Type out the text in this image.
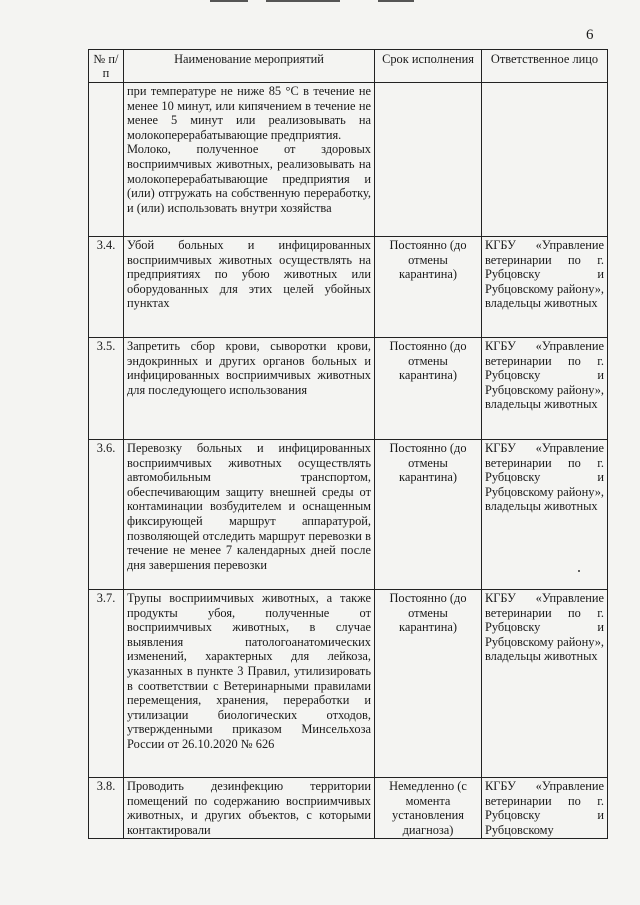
6
№ п/п	Наименование мероприятий	Срок исполнения	Ответственное лицо

	при температуре не ниже 85 °С в течение не менее 10 минут, или кипячением в течение не менее 5 минут или реализовывать на молокоперерабатывающие предприятия.
Молоко, полученное от здоровых восприимчивых животных, реализовывать на молокоперерабатывающие предприятия и (или) отгружать на собственную переработку, и (или) использовать внутри хозяйства		

3.4.	Убой больных и инфицированных восприимчивых животных осуществлять на предприятиях по убою животных или оборудованных для этих целей убойных пунктах	Постоянно (до отмены карантина)	КГБУ «Управление ветеринарии по г. Рубцовску и Рубцовскому району», владельцы животных
3.5.	Запретить сбор крови, сыворотки крови, эндокринных и других органов больных и инфицированных восприимчивых животных для последующего использования	Постоянно (до отмены карантина)	КГБУ «Управление ветеринарии по г. Рубцовску и Рубцовскому району», владельцы животных
3.6.	Перевозку больных и инфицированных восприимчивых животных осуществлять автомобильным транспортом, обеспечивающим защиту внешней среды от контаминации возбудителем и оснащенным фиксирующей маршрут аппаратурой, позволяющей отследить маршрут перевозки в течение не менее 7 календарных дней после дня завершения перевозки	Постоянно (до отмены карантина)	КГБУ «Управление ветеринарии по г. Рубцовску и Рубцовскому району», владельцы животных
3.7.	Трупы восприимчивых животных, а также продукты убоя, полученные от восприимчивых животных, в случае выявления патологоанатомических изменений, характерных для лейкоза, указанных в пункте 3 Правил, утилизировать в соответствии с Ветеринарными правилами перемещения, хранения, переработки и утилизации биологических отходов, утвержденными приказом Минсельхоза России от 26.10.2020 № 626	Постоянно (до отмены карантина)	КГБУ «Управление ветеринарии по г. Рубцовску и Рубцовскому району», владельцы животных
3.8.	Проводить дезинфекцию территории помещений по содержанию восприимчивых животных, и других объектов, с которыми контактировали	Немедленно (с момента установления диагноза)	КГБУ «Управление ветеринарии по г. Рубцовску и Рубцовскому
